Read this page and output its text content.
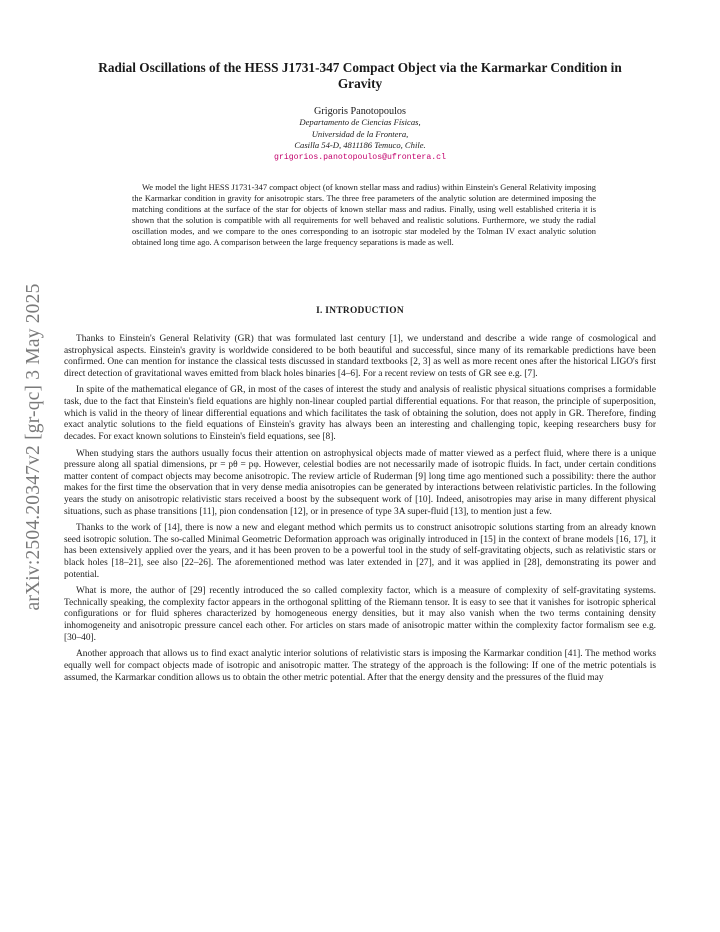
arXiv:2504.20347v2 [gr-qc] 3 May 2025
Radial Oscillations of the HESS J1731-347 Compact Object via the Karmarkar Condition in Gravity
Grigoris Panotopoulos
Departamento de Ciencias Físicas,
Universidad de la Frontera,
Casilla 54-D, 4811186 Temuco, Chile.
grigorios.panotopoulos@ufrontera.cl
We model the light HESS J1731-347 compact object (of known stellar mass and radius) within Einstein's General Relativity imposing the Karmarkar condition in gravity for anisotropic stars. The three free parameters of the analytic solution are determined imposing the matching conditions at the surface of the star for objects of known stellar mass and radius. Finally, using well established criteria it is shown that the solution is compatible with all requirements for well behaved and realistic solutions. Furthermore, we study the radial oscillation modes, and we compare to the ones corresponding to an isotropic star modeled by the Tolman IV exact analytic solution obtained long time ago. A comparison between the large frequency separations is made as well.
I. INTRODUCTION

Thanks to Einstein's General Relativity (GR) that was formulated last century [1], we understand and describe a wide range of cosmological and astrophysical aspects. Einstein's gravity is worldwide considered to be both beautiful and successful, since many of its remarkable predictions have been confirmed. One can mention for instance the classical tests discussed in standard textbooks [2, 3] as well as more recent ones after the historical LIGO's first direct detection of gravitational waves emitted from black holes binaries [4–6]. For a recent review on tests of GR see e.g. [7].

In spite of the mathematical elegance of GR, in most of the cases of interest the study and analysis of realistic physical situations comprises a formidable task, due to the fact that Einstein's field equations are highly non-linear coupled partial differential equations. For that reason, the principle of superposition, which is valid in the theory of linear differential equations and which facilitates the task of obtaining the solution, does not apply in GR. Therefore, finding exact analytic solutions to the field equations of Einstein's gravity has always been an interesting and challenging topic, keeping researchers busy for decades. For exact known solutions to Einstein's field equations, see [8].

When studying stars the authors usually focus their attention on astrophysical objects made of matter viewed as a perfect fluid, where there is a unique pressure along all spatial dimensions, pr = pθ = pφ. However, celestial bodies are not necessarily made of isotropic fluids. In fact, under certain conditions matter content of compact objects may become anisotropic. The review article of Ruderman [9] long time ago mentioned such a possibility: there the author makes for the first time the observation that in very dense media anisotropies can be generated by interactions between relativistic particles. In the following years the study on anisotropic relativistic stars received a boost by the subsequent work of [10]. Indeed, anisotropies may arise in many different physical situations, such as phase transitions [11], pion condensation [12], or in presence of type 3A super-fluid [13], to mention just a few.

Thanks to the work of [14], there is now a new and elegant method which permits us to construct anisotropic solutions starting from an already known seed isotropic solution. The so-called Minimal Geometric Deformation approach was originally introduced in [15] in the context of brane models [16, 17], it has been extensively applied over the years, and it has been proven to be a powerful tool in the study of self-gravitating objects, such as relativistic stars or black holes [18–21], see also [22–26]. The aforementioned method was later extended in [27], and it was applied in [28], demonstrating its power and potential.

What is more, the author of [29] recently introduced the so called complexity factor, which is a measure of complexity of self-gravitating systems. Technically speaking, the complexity factor appears in the orthogonal splitting of the Riemann tensor. It is easy to see that it vanishes for isotropic spherical configurations or for fluid spheres characterized by homogeneous energy densities, but it may also vanish when the two terms containing density inhomogeneity and anisotropic pressure cancel each other. For articles on stars made of anisotropic matter within the complexity factor formalism see e.g. [30–40].

Another approach that allows us to find exact analytic interior solutions of relativistic stars is imposing the Karmarkar condition [41]. The method works equally well for compact objects made of isotropic and anisotropic matter. The strategy of the approach is the following: If one of the metric potentials is assumed, the Karmarkar condition allows us to obtain the other metric potential. After that the energy density and the pressures of the fluid may
